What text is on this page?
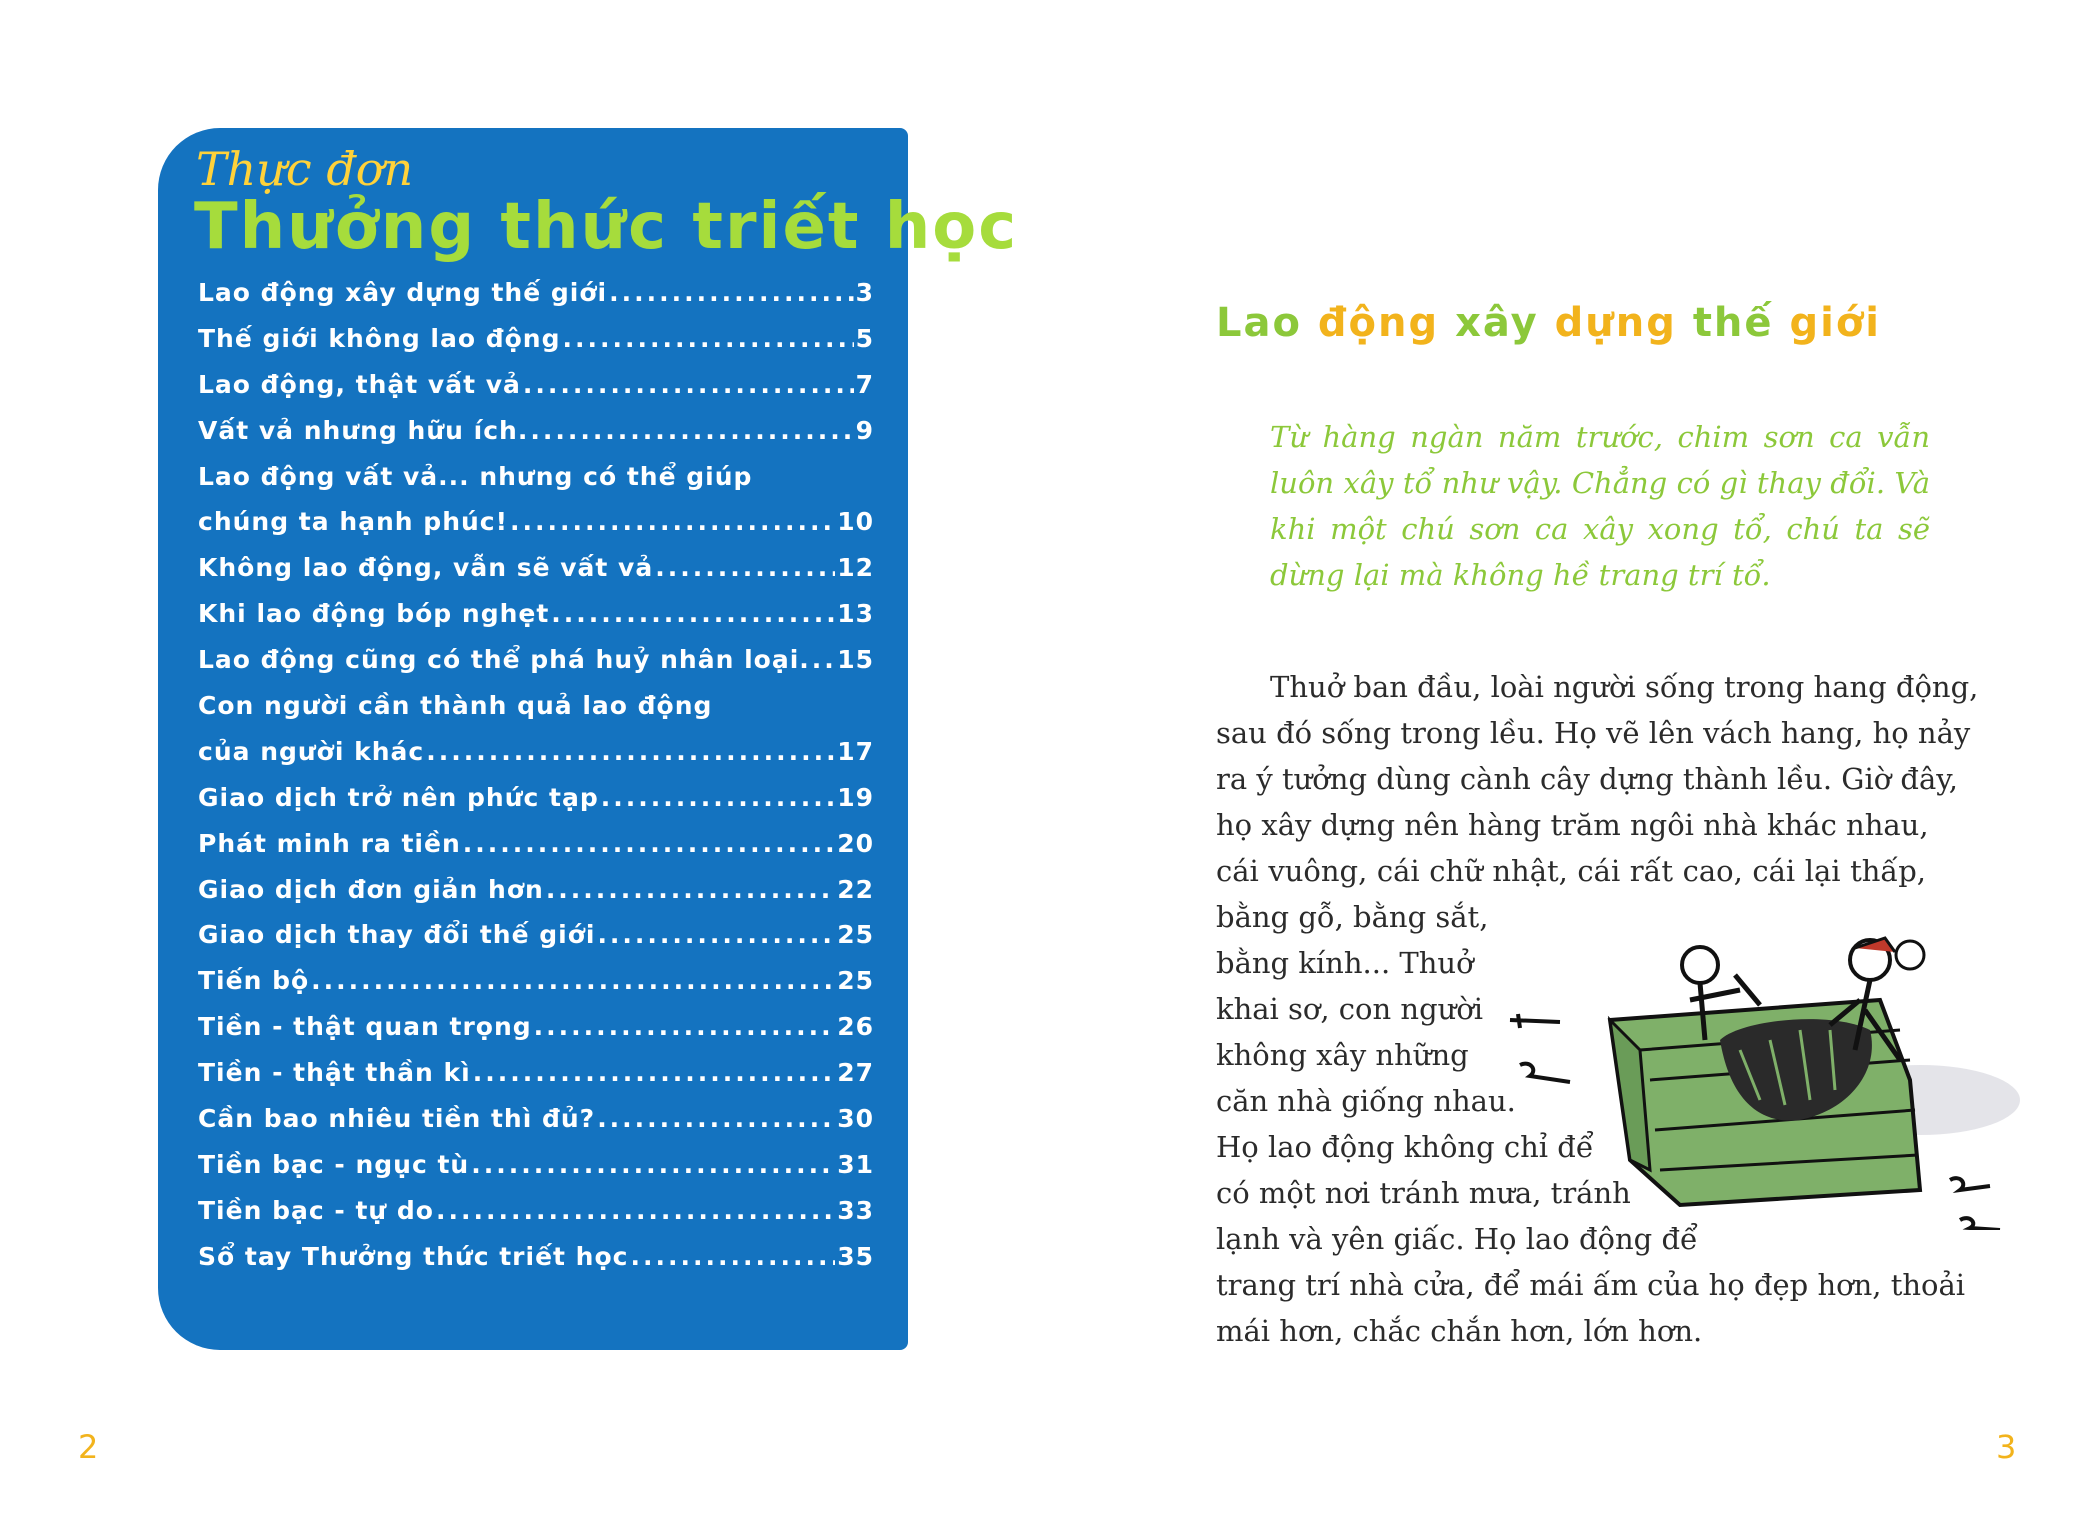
Thực đơn
Thưởng thức triết học
Lao động xây dựng thế giới .....	3
Thế giới không lao động .....	5
Lao động, thật vất vả .....	7
Vất vả nhưng hữu ích. .....	9
Lao động vất vả... nhưng có thể giúp
chúng ta hạnh phúc! .....	10
Không lao động, vẫn sẽ vất vả .....	12
Khi lao động bóp nghẹt .....	13
Lao động cũng có thể phá huỷ nhân loại. ..... 15
Con người cần thành quả lao động
của người khác .....	17
Giao dịch trở nên phức tạp .....	19
Phát minh ra tiền .....	20
Giao dịch đơn giản hơn .....	22
Giao dịch thay đổi thế giới .....	25
Tiến bộ .....	25
Tiền - thật quan trọng .....	26
Tiền - thật thần kì .....	27
Cần bao nhiêu tiền thì đủ? .....	30
Tiền bạc - ngục tù .....	31
Tiền bạc - tự do .....	33
Sổ tay Thưởng thức triết học .....	35
2
Lao động xây dựng thế giới
Từ hàng ngàn năm trước, chim sơn ca vẫn luôn xây tổ như vậy. Chẳng có gì thay đổi. Và khi một chú sơn ca xây xong tổ, chú ta sẽ dừng lại mà không hề trang trí tổ.
Thuở ban đầu, loài người sống trong hang động,
sau đó sống trong lều. Họ vẽ lên vách hang, họ nảy
ra ý tưởng dùng cành cây dựng thành lều. Giờ đây,
họ xây dựng nên hàng trăm ngôi nhà khác nhau,
cái vuông, cái chữ nhật, cái rất cao, cái lại thấp,
bằng gỗ, bằng sắt,
bằng kính... Thuở
khai sơ, con người
không xây những
căn nhà giống nhau.
Họ lao động không chỉ để
có một nơi tránh mưa, tránh
lạnh và yên giấc. Họ lao động để
trang trí nhà cửa, để mái ấm của họ đẹp hơn, thoải
mái hơn, chắc chắn hơn, lớn hơn.
3
